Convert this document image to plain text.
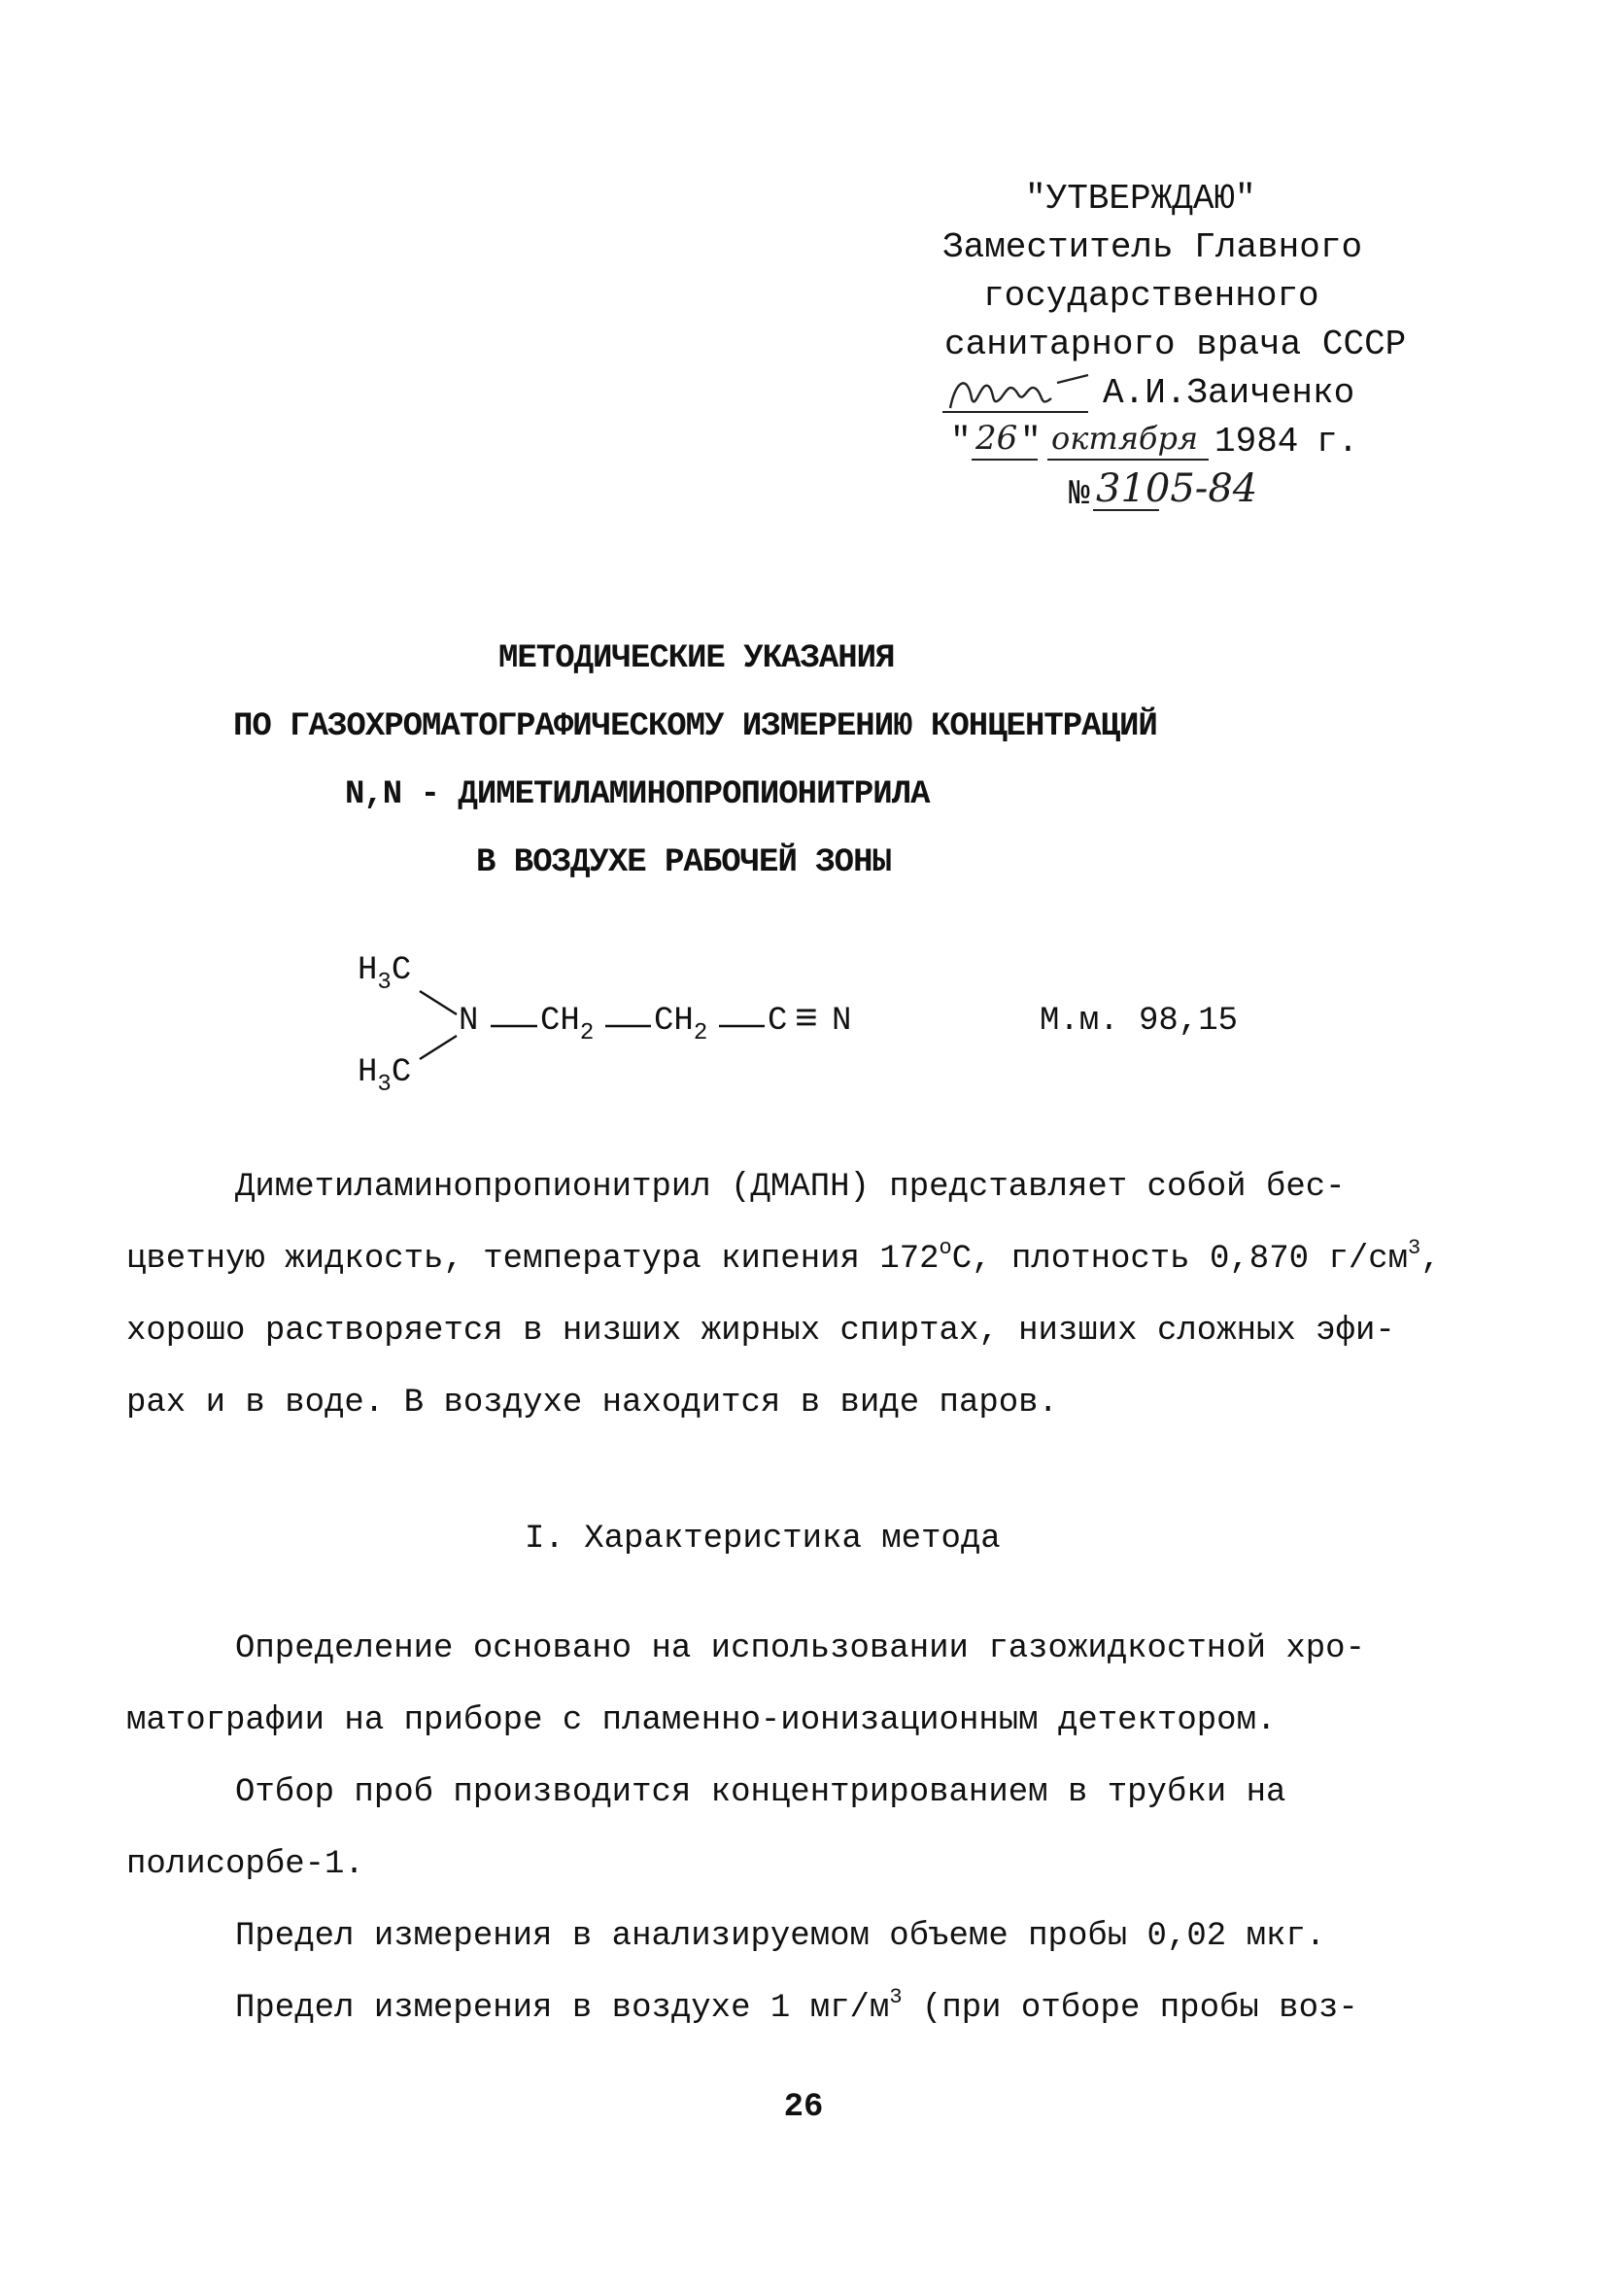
"УТВЕРЖДАЮ"
Заместитель Главного
государственного
санитарного врача СССР
А.И.Заиченко
" 26 " октября 1984 г.
№ 3105-84
МЕТОДИЧЕСКИЕ УКАЗАНИЯ
ПО ГАЗОХРОМАТОГРАФИЧЕСКОМУ ИЗМЕРЕНИЮ КОНЦЕНТРАЦИЙ
N,N - ДИМЕТИЛАМИНОПРОПИОНИТРИЛА
В ВОЗДУХЕ РАБОЧЕЙ ЗОНЫ
$H_3C$
$H_3C$
N $CH_2$ $CH_2$ C ≡ N	М.м. 98,15
Диметиламинопропионитрил (ДМАПН) представляет собой бес-
цветную жидкость, температура кипения $172^оС$, плотность 0,870 $г/см^3$,
хорошо растворяется в низших жирных спиртах, низших сложных эфи-
рах и в воде. В воздухе находится в виде паров.
I. Характеристика метода
Определение основано на использовании газожидкостной хро-
матографии на приборе с пламенно-ионизационным детектором.
Отбор проб производится концентрированием в трубки на
полисорбе-1.
Предел измерения в анализируемом объеме пробы 0,02 мкг.
Предел измерения в воздухе 1 $мг/м^3$ (при отборе пробы воз-
26
